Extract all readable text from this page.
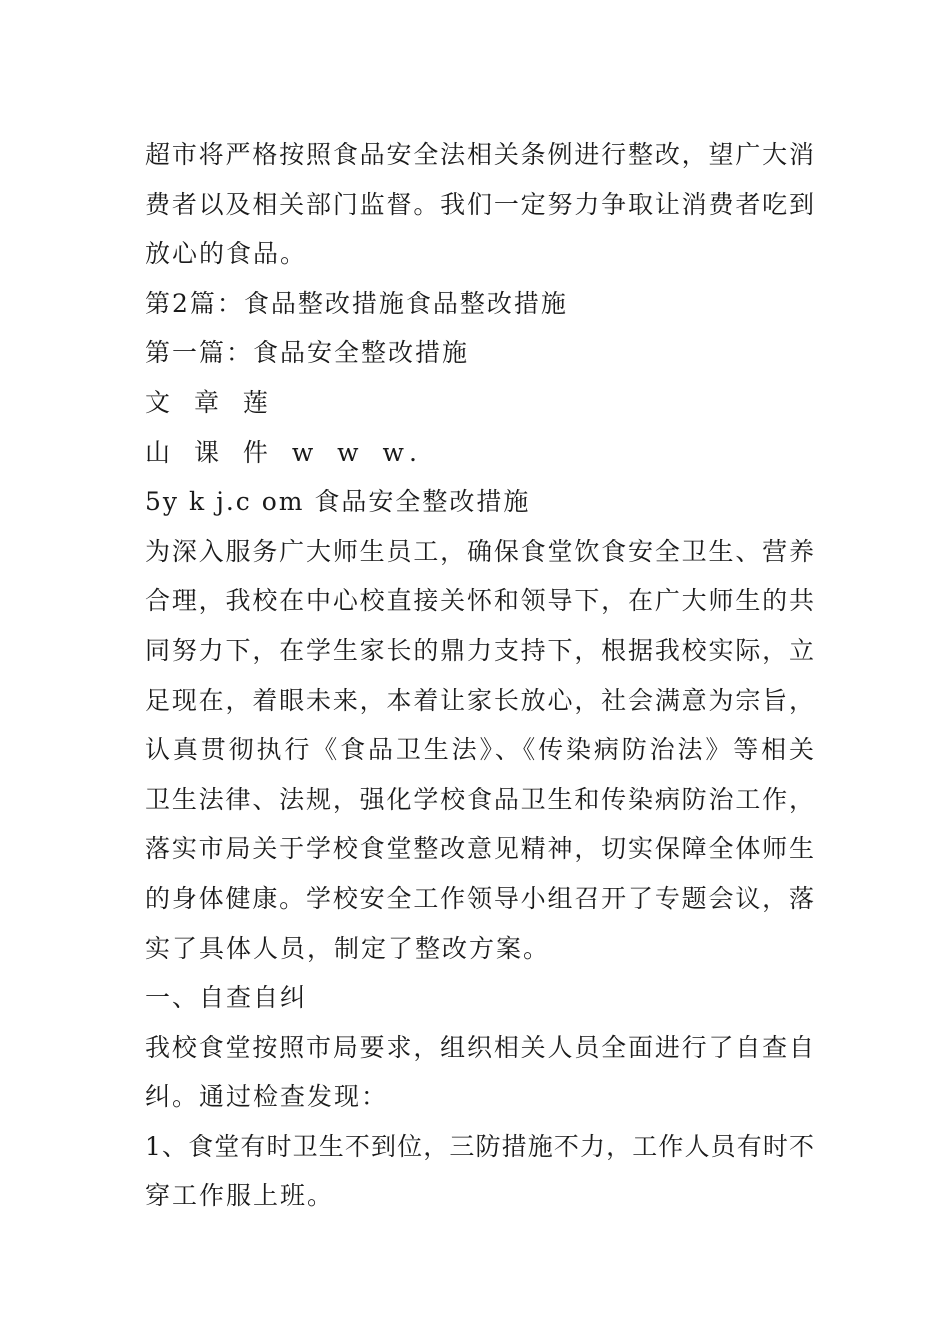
超市将严格按照食品安全法相关条例进行整改，望广大消
费者以及相关部门监督。我们一定努力争取让消费者吃到
放心的食品。
第2篇：食品整改措施食品整改措施
第一篇：食品安全整改措施
文 章 莲
山 课 件 w w w.
5y k j.c om 食品安全整改措施
为深入服务广大师生员工，确保食堂饮食安全卫生、营养
合理，我校在中心校直接关怀和领导下，在广大师生的共
同努力下，在学生家长的鼎力支持下，根据我校实际，立
足现在，着眼未来，本着让家长放心，社会满意为宗旨，
认真贯彻执行《食品卫生法》、《传染病防治法》等相关
卫生法律、法规，强化学校食品卫生和传染病防治工作，
落实市局关于学校食堂整改意见精神，切实保障全体师生
的身体健康。学校安全工作领导小组召开了专题会议，落
实了具体人员，制定了整改方案。
一、自查自纠
我校食堂按照市局要求，组织相关人员全面进行了自查自
纠。通过检查发现：
1、食堂有时卫生不到位，三防措施不力，工作人员有时不
穿工作服上班。
